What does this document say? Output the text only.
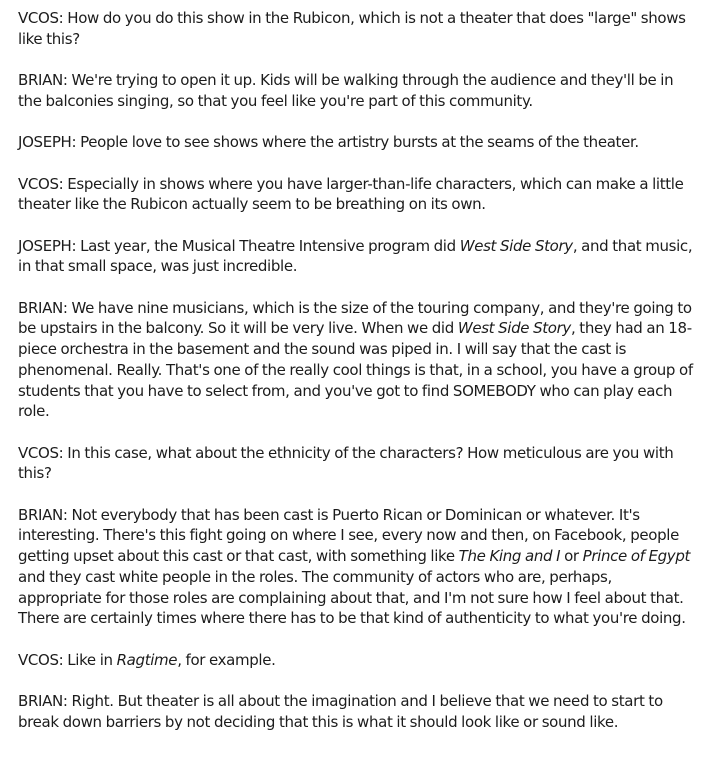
VCOS: How do you do this show in the Rubicon, which is not a theater that does "large" shows like this?

BRIAN: We're trying to open it up. Kids will be walking through the audience and they'll be in the balconies singing, so that you feel like you're part of this community.

JOSEPH: People love to see shows where the artistry bursts at the seams of the theater.

VCOS: Especially in shows where you have larger-than-life characters, which can make a little theater like the Rubicon actually seem to be breathing on its own.

JOSEPH: Last year, the Musical Theatre Intensive program did West Side Story, and that music, in that small space, was just incredible.

BRIAN: We have nine musicians, which is the size of the touring company, and they're going to be upstairs in the balcony. So it will be very live. When we did West Side Story, they had an 18-piece orchestra in the basement and the sound was piped in. I will say that the cast is phenomenal. Really. That's one of the really cool things is that, in a school, you have a group of students that you have to select from, and you've got to find SOMEBODY who can play each role.

VCOS: In this case, what about the ethnicity of the characters? How meticulous are you with this?

BRIAN: Not everybody that has been cast is Puerto Rican or Dominican or whatever. It's interesting. There's this fight going on where I see, every now and then, on Facebook, people getting upset about this cast or that cast, with something like The King and I or Prince of Egypt and they cast white people in the roles. The community of actors who are, perhaps, appropriate for those roles are complaining about that, and I'm not sure how I feel about that. There are certainly times where there has to be that kind of authenticity to what you're doing.

VCOS: Like in Ragtime, for example.

BRIAN: Right. But theater is all about the imagination and I believe that we need to start to break down barriers by not deciding that this is what it should look like or sound like.
